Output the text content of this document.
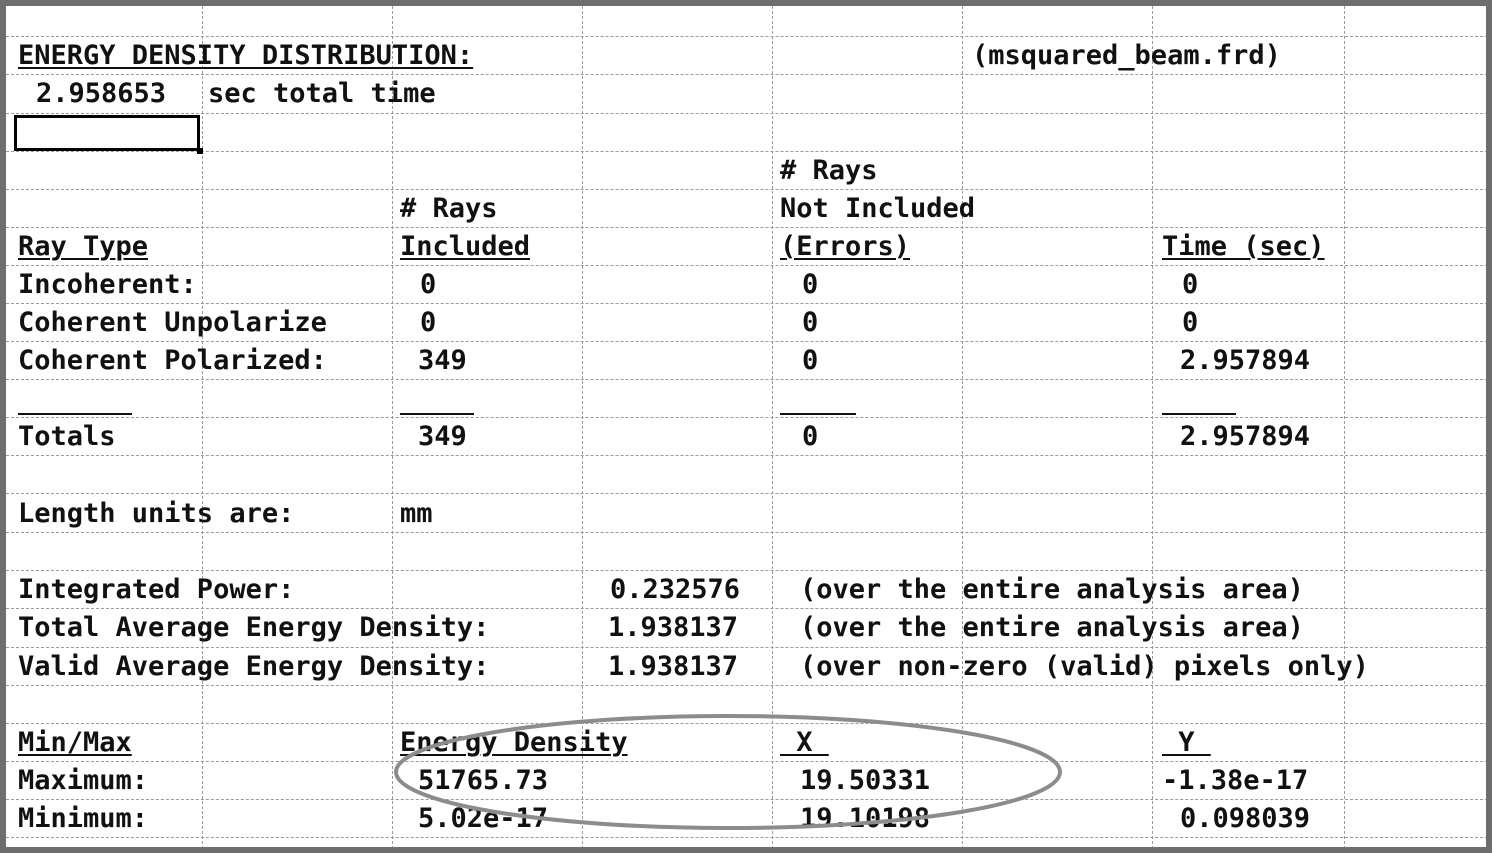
ENERGY DENSITY DISTRIBUTION:	(msquared_beam.frd)
2.958653 sec total time
# Rays
# Rays	Not Included
Ray Type	Included	(Errors)	Time (sec)
Incoherent:	0	0	0
Coherent Unpolarize	0	0	0
Coherent Polarized:	349	0	2.957894
Totals	349	0	2.957894
Length units are:	mm
Integrated Power:	0.232576 (over the entire analysis area)
Total Average Energy Density:	1.938137 (over the entire analysis area)
Valid Average Energy Density:	1.938137 (over non-zero (valid) pixels only)
Min/Max	Energy Density	X	Y
Maximum:	51765.73	19.50331	-1.38e-17
Minimum:	5.02e-17	19.10198	0.098039
